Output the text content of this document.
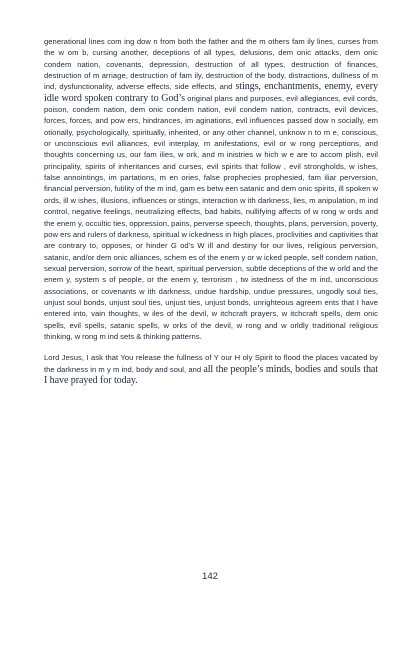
generational lines com ing dow n from both the father and the m others fam ily lines, curses from the w om b, cursing another, deceptions of all types, delusions, dem onic attacks, dem onic condem nation, covenants, depression, destruction of all types, destruction of finances, destruction of m arriage, destruction of fam ily, destruction of the body, distractions, dullness of m ind, dysfunctionality, adverse effects, side effects, and stings, enchantments, enemy, every idle word spoken contrary to God’s original plans and purposes, evil allegiances, evil cords, poison, condem nation, dem onic condem nation, evil condem nation, contracts, evil devices, forces, forces, and pow ers, hindrances, im aginations, evil influences passed dow n socially, em otionally, psychologically, spiritually, inherited, or any other channel, unknow n to m e, conscious, or unconscious evil alliances, evil interplay, m anifestations, evil or w rong perceptions, and thoughts concerning us, our fam ilies, w ork, and m inistries w hich w e are to accom plish, evil principality, spirits of inheritances and curses, evil spirits that follow , evil strongholds, w ishes, false annointings, im partations, m en ories, false prophecies prophesied, fam iliar perversion, financial perversion, futility of the m ind, gam es betw een satanic and dem onic spirits, ill spoken w ords, ill w ishes, illusions, influences or stings, interaction w ith darkness, lies, m anipulation, m ind control, negative feelings, neutralizing effects, bad habits, nullifying affects of w rong w ords and the enem y, occultic ties, oppression, pains, perverse speech, thoughts, plans, perversion, poverty, pow ers and rulers of darkness, spiritual w ickedness in high places, proclivities and captivities that are contrary to, opposes, or hinder G od’s W ill and destiny for our lives, religious perversion, satanic, and/or dem onic alliances, schem es of the enem y or w icked people, self condem nation, sexual perversion, sorrow of the heart, spiritual perversion, subtle deceptions of the w orld and the enem y, system s of people, or the enem y, terrorism , tw istedness of the m ind, unconscious associations, or covenants w ith darkness, undue hardship, undue pressures, ungodly soul ties, unjust soul bonds, unjust soul ties, unjust ties, unjust bonds, unrighteous agreem ents that I have entered into, vain thoughts, w iles of the devil, w itchcraft prayers, w itchcraft spells, dem onic spells, evil spells, satanic spells, w orks of the devil, w rong and w orldly traditional religious thinking, w rong m ind sets & thinking patterns.

Lord Jesus, I ask that You release the fullness of Y our H oly Spirit to flood the places vacated by the darkness in m y m ind, body and soul, and all the people’s minds, bodies and souls that I have prayed for today.

142
